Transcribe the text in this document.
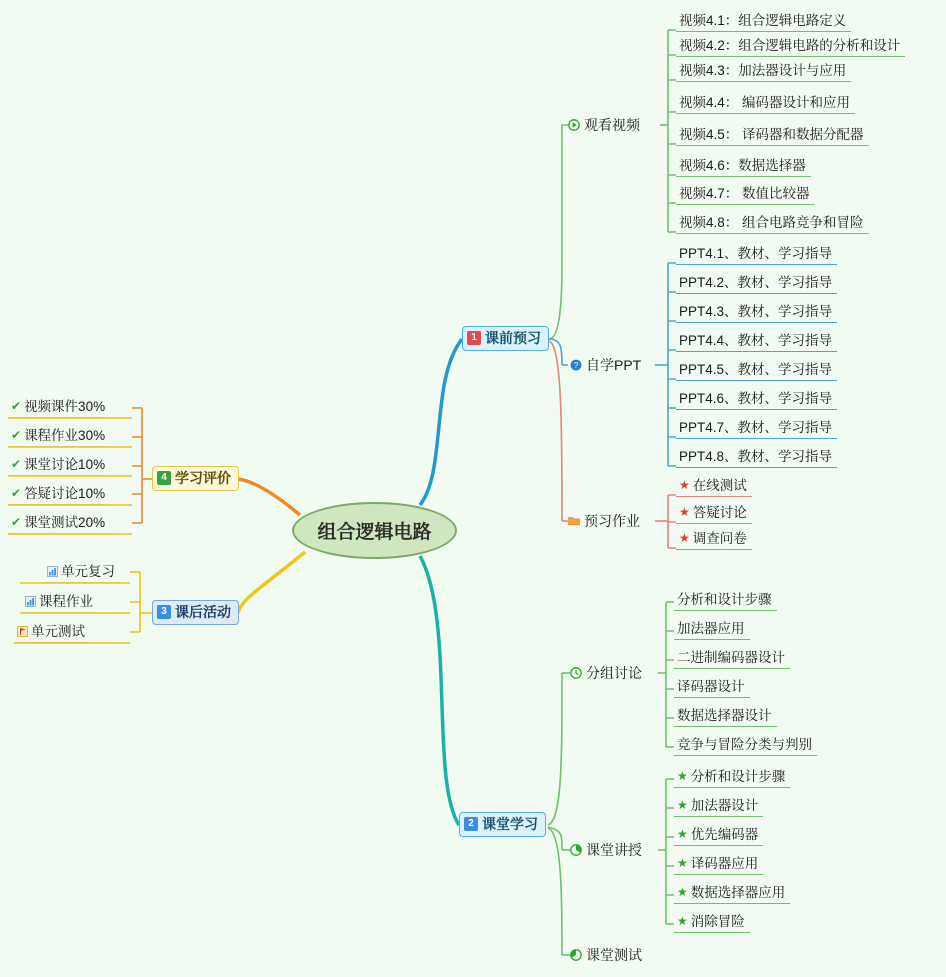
组合逻辑电路
1 课前预习
2 课堂学习
3 课后活动
4 学习评价
观看视频
视频4.1：组合逻辑电路定义
视频4.2：组合逻辑电路的分析和设计
视频4.3：加法器设计与应用
视频4.4： 编码器设计和应用
视频4.5： 译码器和数据分配器
视频4.6：数据选择器
视频4.7： 数值比较器
视频4.8： 组合电路竞争和冒险
? 自学PPT
PPT4.1、教材、学习指导
PPT4.2、教材、学习指导
PPT4.3、教材、学习指导
PPT4.4、教材、学习指导
PPT4.5、教材、学习指导
PPT4.6、教材、学习指导
PPT4.7、教材、学习指导
PPT4.8、教材、学习指导
预习作业
★ 在线测试
★ 答疑讨论
★ 调查问卷
分组讨论
分析和设计步骤
加法器应用
二进制编码器设计
译码器设计
数据选择器设计
竞争与冒险分类与判别
课堂讲授
★ 分析和设计步骤
★ 加法器设计
★ 优先编码器
★ 译码器应用
★ 数据选择器应用
★ 消除冒险
课堂测试
单元复习
课程作业
单元测试
✔ 视频课件30%
✔ 课程作业30%
✔ 课堂讨论10%
✔ 答疑讨论10%
✔ 课堂测试20%
